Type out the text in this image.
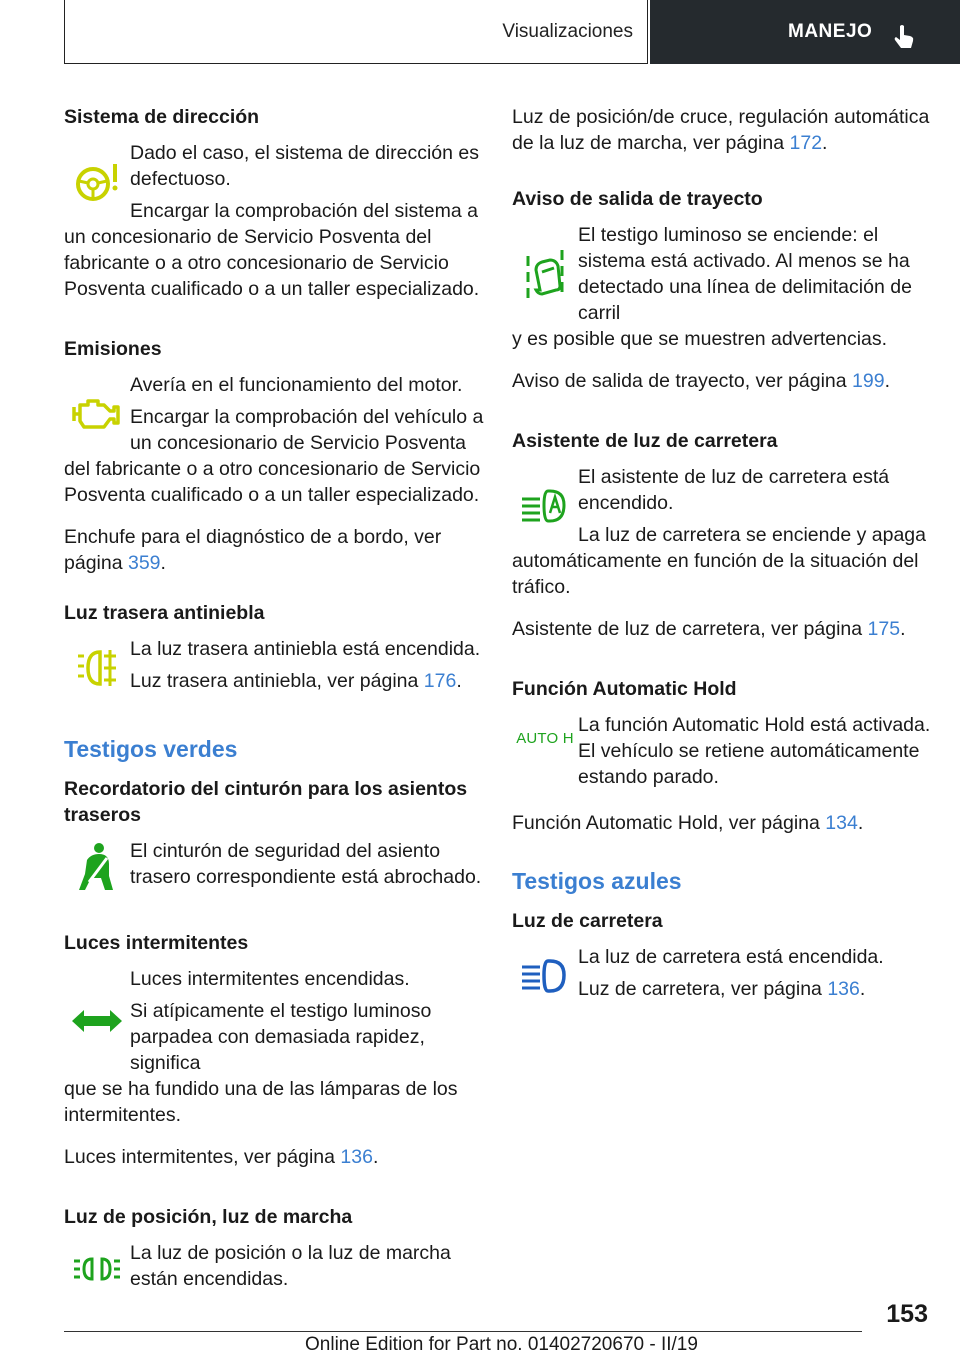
Visualizaciones	MANEJO
Sistema de dirección

Dado el caso, el sistema de dirección es defectuoso.

Encargar la comprobación del sistema a

un concesionario de Servicio Posventa del fabricante o a otro concesionario de Servicio Posventa cualificado o a un taller especializado.

Emisiones

Avería en el funcionamiento del motor.

Encargar la comprobación del vehículo a un concesionario de Servicio Posventa

del fabricante o a otro concesionario de Servicio Posventa cualificado o a un taller especializado.

Enchufe para el diagnóstico de a bordo, ver página 359.

Luz trasera antiniebla

La luz trasera antiniebla está encendida.

Luz trasera antiniebla, ver página 176.

Testigos verdes
Recordatorio del cinturón para los asientos traseros

El cinturón de seguridad del asiento trasero correspondiente está abrochado.

Luces intermitentes

Luces intermitentes encendidas.

Si atípicamente el testigo luminoso parpadea con demasiada rapidez, significa

que se ha fundido una de las lámparas de los intermitentes.

Luces intermitentes, ver página 136.

Luz de posición, luz de marcha

La luz de posición o la luz de marcha están encendidas.

Luz de posición/de cruce, regulación automática de la luz de marcha, ver página 172.

Aviso de salida de trayecto

El testigo luminoso se enciende: el sistema está activado. Al menos se ha detectado una línea de delimitación de carril

y es posible que se muestren advertencias.

Aviso de salida de trayecto, ver página 199.

Asistente de luz de carretera

El asistente de luz de carretera está encendido.

La luz de carretera se enciende y apaga

automáticamente en función de la situación del tráfico.

Asistente de luz de carretera, ver página 175.

Función Automatic Hold
AUTO H

La función Automatic Hold está activada. El vehículo se retiene automáticamente estando parado.

Función Automatic Hold, ver página 134.

Testigos azules
Luz de carretera

La luz de carretera está encendida.

Luz de carretera, ver página 136.

153
Online Edition for Part no. 01402720670 - II/19
